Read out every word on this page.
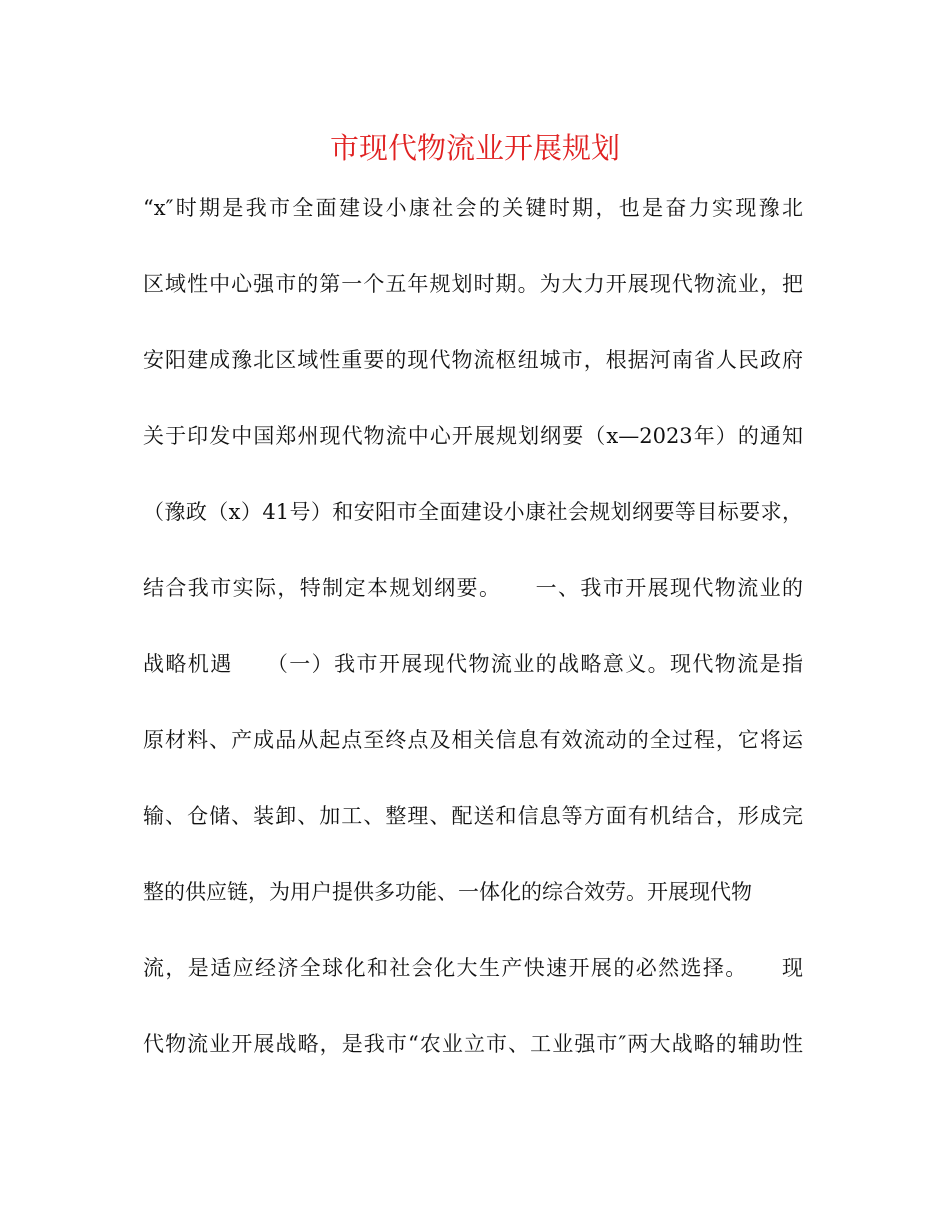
市现代物流业开展规划
“x″时期是我市全面建设小康社会的关键时期，也是奋力实现豫北
区域性中心强市的第一个五年规划时期。为大力开展现代物流业，把
安阳建成豫北区域性重要的现代物流枢纽城市，根据河南省人民政府
关于印发中国郑州现代物流中心开展规划纲要（x—2023年）的通知
（豫政（x）41号）和安阳市全面建设小康社会规划纲要等目标要求，
结合我市实际，特制定本规划纲要。　　一、我市开展现代物流业的
战略机遇　　（一）我市开展现代物流业的战略意义。现代物流是指
原材料、产成品从起点至终点及相关信息有效流动的全过程，它将运
输、仓储、装卸、加工、整理、配送和信息等方面有机结合，形成完
整的供应链，为用户提供多功能、一体化的综合效劳。开展现代物
流，是适应经济全球化和社会化大生产快速开展的必然选择。　　现
代物流业开展战略，是我市“农业立市、工业强市″两大战略的辅助性
